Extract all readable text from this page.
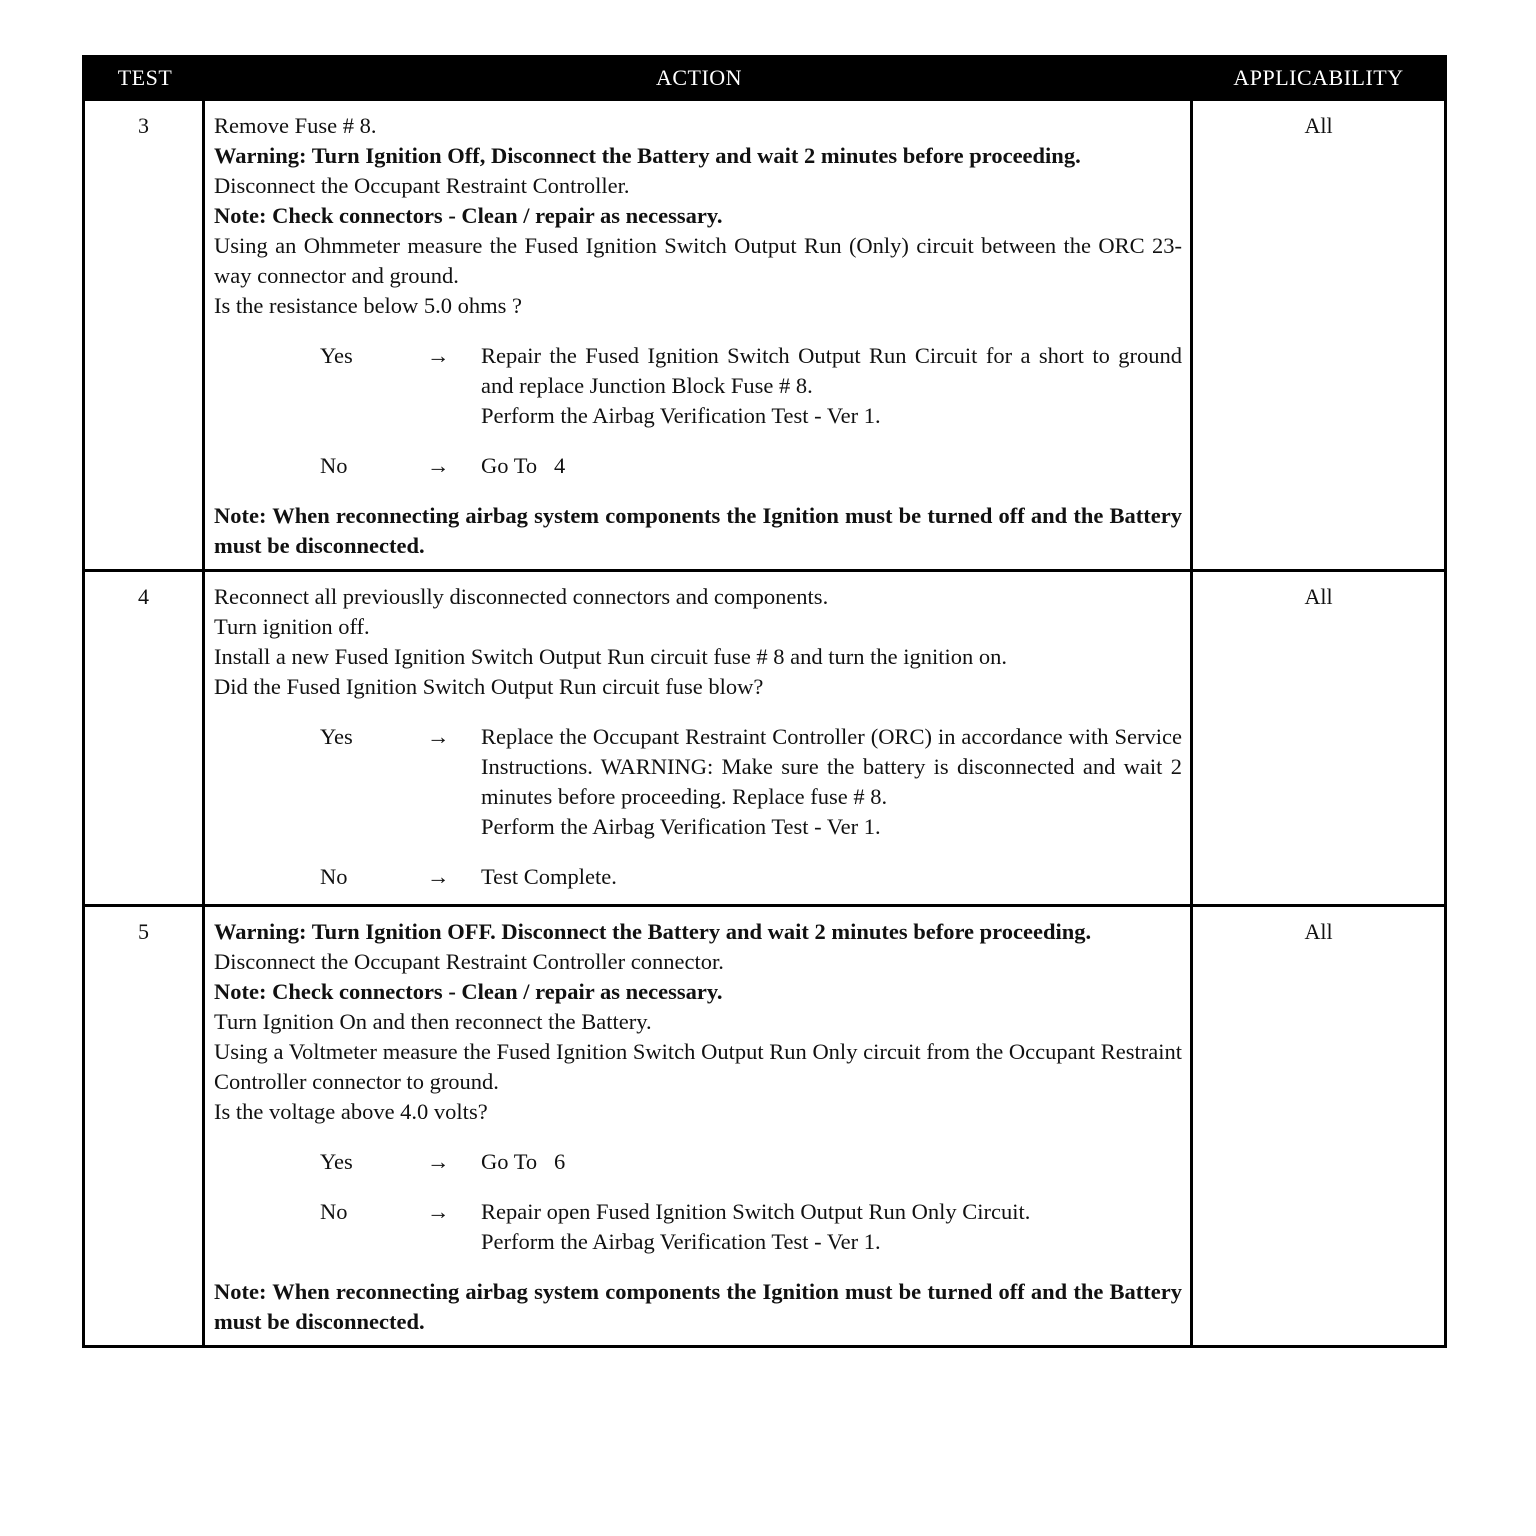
TEST	ACTION	APPLICABILITY
3	Remove Fuse # 8.

Warning: Turn Ignition Off, Disconnect the Battery and wait 2 minutes before proceeding.

Disconnect the Occupant Restraint Controller.

Note: Check connectors - Clean / repair as necessary.

Using an Ohmmeter measure the Fused Ignition Switch Output Run (Only) circuit between the ORC 23-way connector and ground.

Is the resistance below 5.0 ohms ?

Yes	→	Repair the Fused Ignition Switch Output Run Circuit for a short to ground and replace Junction Block Fuse # 8.

Perform the Airbag Verification Test - Ver 1.

No	→	Go To   4

Note: When reconnecting airbag system components the Ignition must be turned off and the Battery must be disconnected.

All
4	Reconnect all previouslly disconnected connectors and components.

Turn ignition off.

Install a new Fused Ignition Switch Output Run circuit fuse # 8 and turn the ignition on.

Did the Fused Ignition Switch Output Run circuit fuse blow?

Yes	→	Replace the Occupant Restraint Controller (ORC) in accordance with Service Instructions. WARNING: Make sure the battery is disconnected and wait 2 minutes before proceeding. Replace fuse # 8.

Perform the Airbag Verification Test - Ver 1.

No	→	Test Complete.

All
5	Warning: Turn Ignition OFF. Disconnect the Battery and wait 2 minutes before proceeding.

Disconnect the Occupant Restraint Controller connector.

Note: Check connectors - Clean / repair as necessary.

Turn Ignition On and then reconnect the Battery.

Using a Voltmeter measure the Fused Ignition Switch Output Run Only circuit from the Occupant Restraint Controller connector to ground.

Is the voltage above 4.0 volts?

Yes	→	Go To   6

No	→	Repair open Fused Ignition Switch Output Run Only Circuit.

Perform the Airbag Verification Test - Ver 1.

Note: When reconnecting airbag system components the Ignition must be turned off and the Battery must be disconnected.

All
